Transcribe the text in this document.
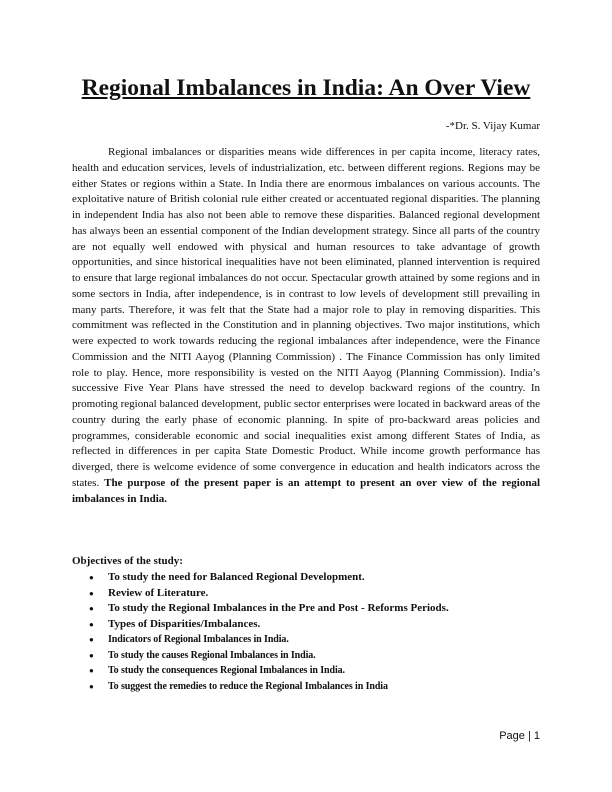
Regional Imbalances in India: An Over View

-*Dr. S. Vijay Kumar

Regional imbalances or disparities means wide differences in per capita income, literacy rates, health and education services, levels of industrialization, etc. between different regions. Regions may be either States or regions within a State. In India there are enormous imbalances on various accounts. The exploitative nature of British colonial rule either created or accentuated regional disparities. The planning in independent India has also not been able to remove these disparities. Balanced regional development has always been an essential component of the Indian development strategy. Since all parts of the country are not equally well endowed with physical and human resources to take advantage of growth opportunities, and since historical inequalities have not been eliminated, planned intervention is required to ensure that large regional imbalances do not occur. Spectacular growth attained by some regions and in some sectors in India, after independence, is in contrast to low levels of development still prevailing in many parts. Therefore, it was felt that the State had a major role to play in removing disparities. This commitment was reflected in the Constitution and in planning objectives. Two major institutions, which were expected to work towards reducing the regional imbalances after independence, were the Finance Commission and the NITI Aayog (Planning Commission) . The Finance Commission has only limited role to play. Hence, more responsibility is vested on the NITI Aayog (Planning Commission). India’s successive Five Year Plans have stressed the need to develop backward regions of the country. In promoting regional balanced development, public sector enterprises were located in backward areas of the country during the early phase of economic planning. In spite of pro-backward areas policies and programmes, considerable economic and social inequalities exist among different States of India, as reflected in differences in per capita State Domestic Product. While income growth performance has diverged, there is welcome evidence of some convergence in education and health indicators across the states. The purpose of the present paper is an attempt to present an over view of the regional imbalances in India.

Objectives of the study:

● To study the need for Balanced Regional Development.
● Review of Literature.
● To study the Regional Imbalances in the Pre and Post - Reforms Periods.
● Types of Disparities/Imbalances.
● Indicators of Regional Imbalances in India.
● To study the causes Regional Imbalances in India.
● To study the consequences Regional Imbalances in India.
● To suggest the remedies to reduce the Regional Imbalances in India
Page | 1
